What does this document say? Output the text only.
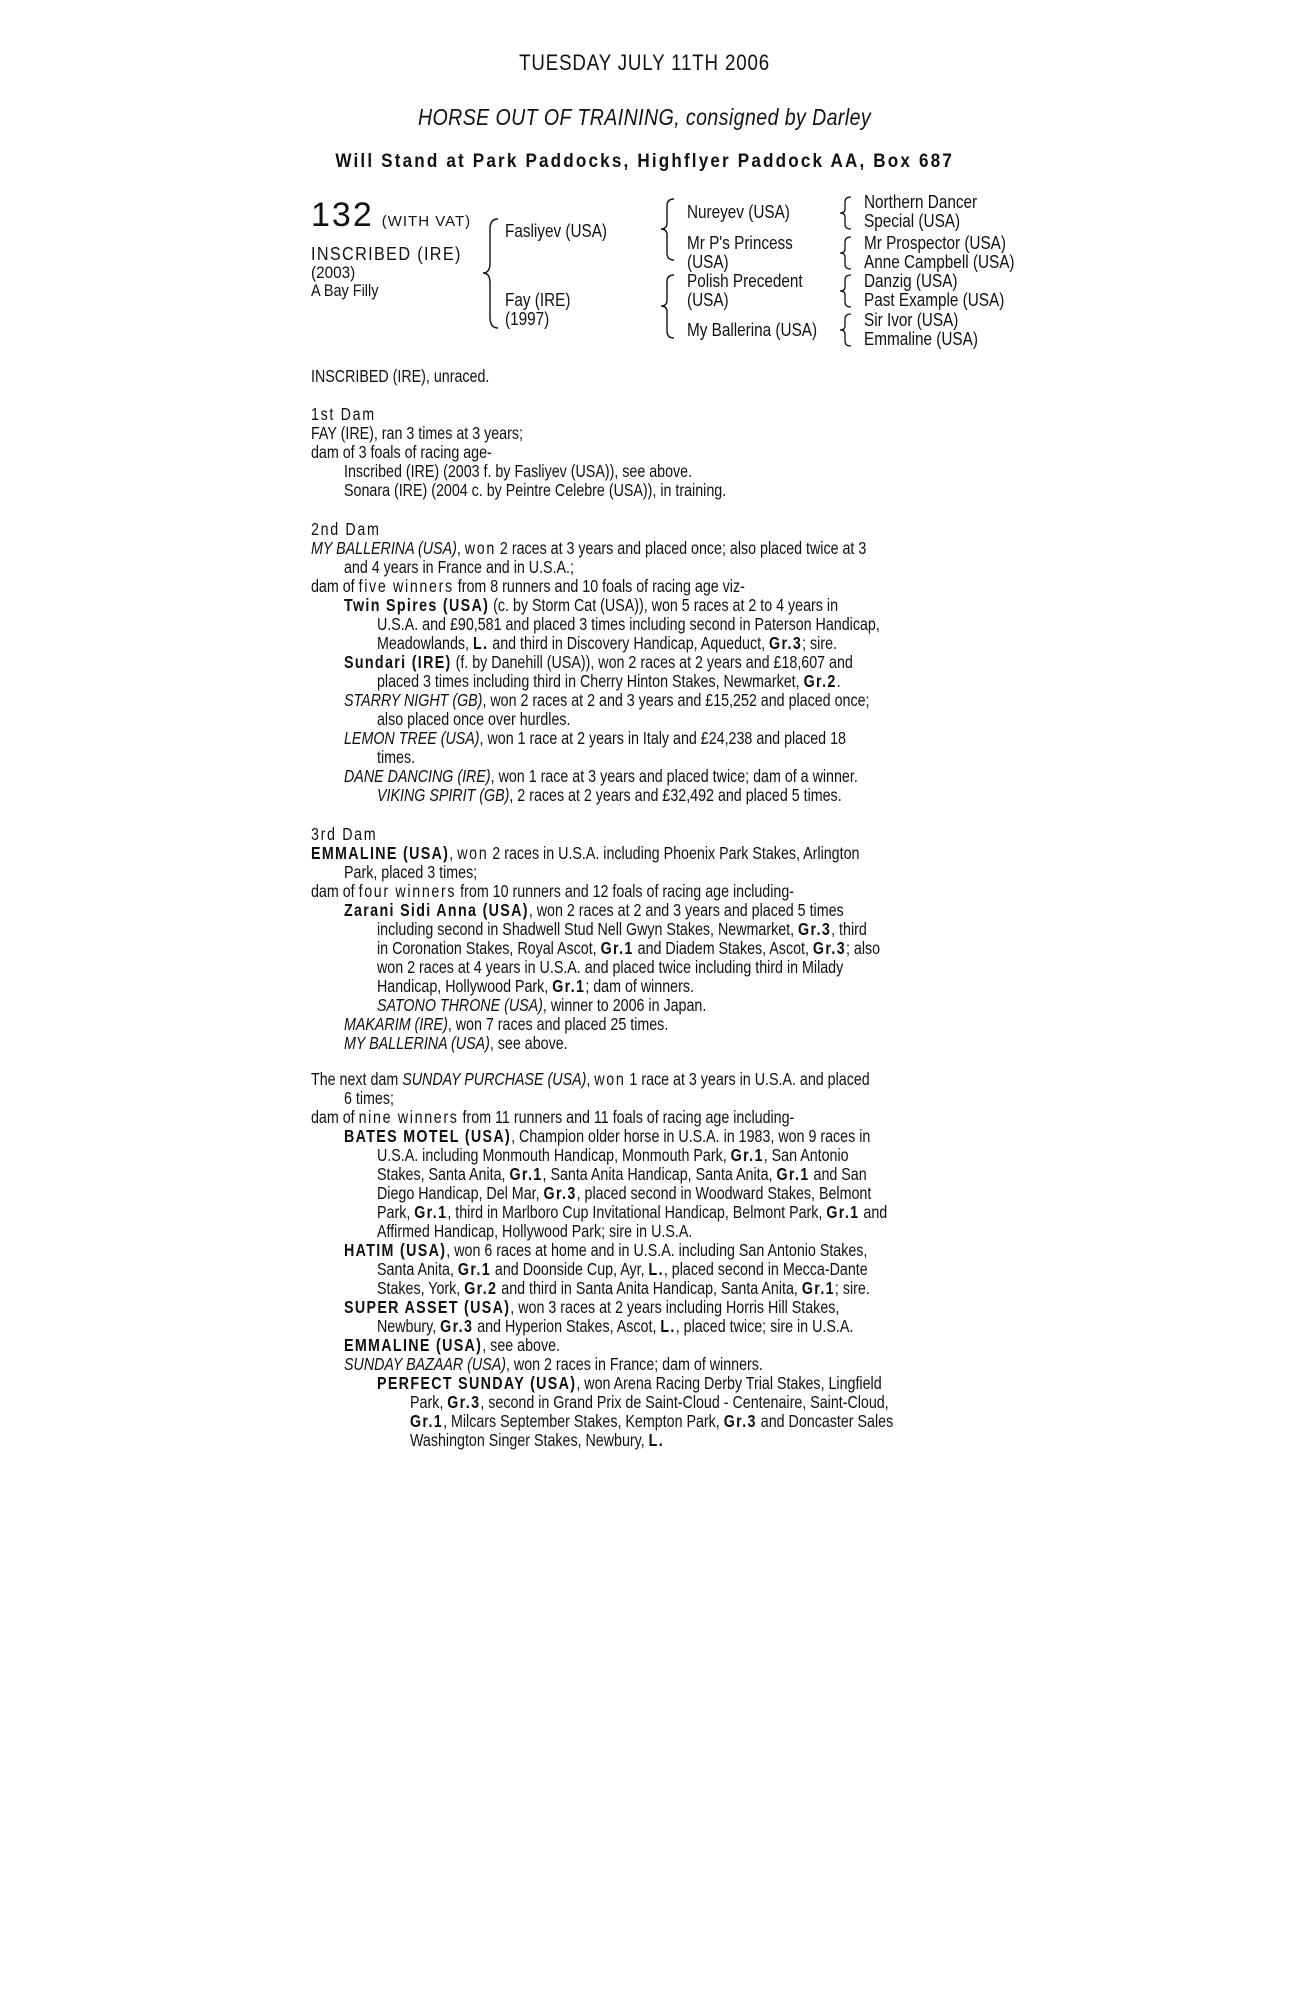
TUESDAY JULY 11TH 2006
HORSE OUT OF TRAINING, consigned by Darley
Will Stand at Park Paddocks, Highflyer Paddock AA, Box 687
132 (WITH VAT)
INSCRIBED (IRE)
(2003)
A Bay Filly
Fasliyev (USA)
Fay (IRE)
(1997)
Nureyev (USA)
Mr P's Princess
(USA)
Polish Precedent
(USA)
My Ballerina (USA)
Northern Dancer
Special (USA)
Mr Prospector (USA)
Anne Campbell (USA)
Danzig (USA)
Past Example (USA)
Sir Ivor (USA)
Emmaline (USA)
INSCRIBED (IRE), unraced.
1st Dam
FAY (IRE), ran 3 times at 3 years;
dam of 3 foals of racing age-
Inscribed (IRE) (2003 f. by Fasliyev (USA)), see above.
Sonara (IRE) (2004 c. by Peintre Celebre (USA)), in training.
2nd Dam
MY BALLERINA (USA), won 2 races at 3 years and placed once; also placed twice at 3
and 4 years in France and in U.S.A.;
dam of five winners from 8 runners and 10 foals of racing age viz-
Twin Spires (USA) (c. by Storm Cat (USA)), won 5 races at 2 to 4 years in
U.S.A. and £90,581 and placed 3 times including second in Paterson Handicap,
Meadowlands, L. and third in Discovery Handicap, Aqueduct, Gr.3; sire.
Sundari (IRE) (f. by Danehill (USA)), won 2 races at 2 years and £18,607 and
placed 3 times including third in Cherry Hinton Stakes, Newmarket, Gr.2.
STARRY NIGHT (GB), won 2 races at 2 and 3 years and £15,252 and placed once;
also placed once over hurdles.
LEMON TREE (USA), won 1 race at 2 years in Italy and £24,238 and placed 18
times.
DANE DANCING (IRE), won 1 race at 3 years and placed twice; dam of a winner.
VIKING SPIRIT (GB), 2 races at 2 years and £32,492 and placed 5 times.
3rd Dam
EMMALINE (USA), won 2 races in U.S.A. including Phoenix Park Stakes, Arlington
Park, placed 3 times;
dam of four winners from 10 runners and 12 foals of racing age including-
Zarani Sidi Anna (USA), won 2 races at 2 and 3 years and placed 5 times
including second in Shadwell Stud Nell Gwyn Stakes, Newmarket, Gr.3, third
in Coronation Stakes, Royal Ascot, Gr.1 and Diadem Stakes, Ascot, Gr.3; also
won 2 races at 4 years in U.S.A. and placed twice including third in Milady
Handicap, Hollywood Park, Gr.1; dam of winners.
SATONO THRONE (USA), winner to 2006 in Japan.
MAKARIM (IRE), won 7 races and placed 25 times.
MY BALLERINA (USA), see above.
The next dam SUNDAY PURCHASE (USA), won 1 race at 3 years in U.S.A. and placed
6 times;
dam of nine winners from 11 runners and 11 foals of racing age including-
BATES MOTEL (USA), Champion older horse in U.S.A. in 1983, won 9 races in
U.S.A. including Monmouth Handicap, Monmouth Park, Gr.1, San Antonio
Stakes, Santa Anita, Gr.1, Santa Anita Handicap, Santa Anita, Gr.1 and San
Diego Handicap, Del Mar, Gr.3, placed second in Woodward Stakes, Belmont
Park, Gr.1, third in Marlboro Cup Invitational Handicap, Belmont Park, Gr.1 and
Affirmed Handicap, Hollywood Park; sire in U.S.A.
HATIM (USA), won 6 races at home and in U.S.A. including San Antonio Stakes,
Santa Anita, Gr.1 and Doonside Cup, Ayr, L., placed second in Mecca-Dante
Stakes, York, Gr.2 and third in Santa Anita Handicap, Santa Anita, Gr.1; sire.
SUPER ASSET (USA), won 3 races at 2 years including Horris Hill Stakes,
Newbury, Gr.3 and Hyperion Stakes, Ascot, L., placed twice; sire in U.S.A.
EMMALINE (USA), see above.
SUNDAY BAZAAR (USA), won 2 races in France; dam of winners.
PERFECT SUNDAY (USA), won Arena Racing Derby Trial Stakes, Lingfield
Park, Gr.3, second in Grand Prix de Saint-Cloud - Centenaire, Saint-Cloud,
Gr.1, Milcars September Stakes, Kempton Park, Gr.3 and Doncaster Sales
Washington Singer Stakes, Newbury, L.
